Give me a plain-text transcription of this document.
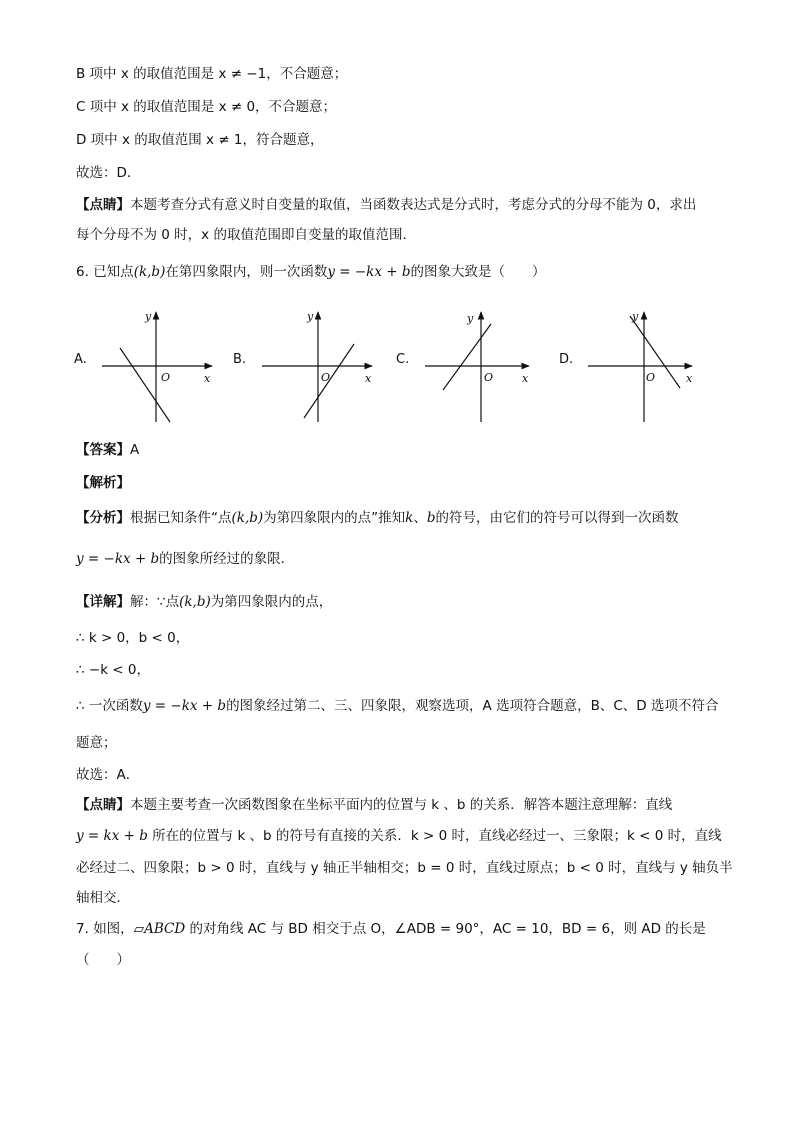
B 项中 x 的取值范围是 x ≠ −1，不合题意；
C 项中 x 的取值范围是 x ≠ 0，不合题意；
D 项中 x 的取值范围 x ≠ 1，符合题意，
故选：D．
【点睛】本题考查分式有意义时自变量的取值，当函数表达式是分式时，考虑分式的分母不能为 0，求出
每个分母不为 0 时，x 的取值范围即自变量的取值范围．
6. 已知点(k,b)在第四象限内，则一次函数y = −kx + b的图象大致是（　　）
A.	B.	C.	D.
y
x
O
y
x
O
y
x
O
y
x
O
【答案】A
【解析】
【分析】根据已知条件“点(k,b)为第四象限内的点”推知k、b的符号，由它们的符号可以得到一次函数
y = −kx + b的图象所经过的象限．
【详解】解：∵点(k,b)为第四象限内的点，
∴ k > 0，b < 0，
∴ −k < 0，
∴ 一次函数y = −kx + b的图象经过第二、三、四象限，观察选项，A 选项符合题意，B、C、D 选项不符合
题意；
故选：A．
【点睛】本题主要考查一次函数图象在坐标平面内的位置与 k 、b 的关系．解答本题注意理解：直线
y = kx + b 所在的位置与 k 、b 的符号有直接的关系．k > 0 时，直线必经过一、三象限；k < 0 时，直线
必经过二、四象限；b > 0 时，直线与 y 轴正半轴相交；b = 0 时，直线过原点；b < 0 时，直线与 y 轴负半
轴相交．
7. 如图，▱ABCD 的对角线 AC 与 BD 相交于点 O，∠ADB = 90°，AC = 10，BD = 6，则 AD 的长是
（　　）
